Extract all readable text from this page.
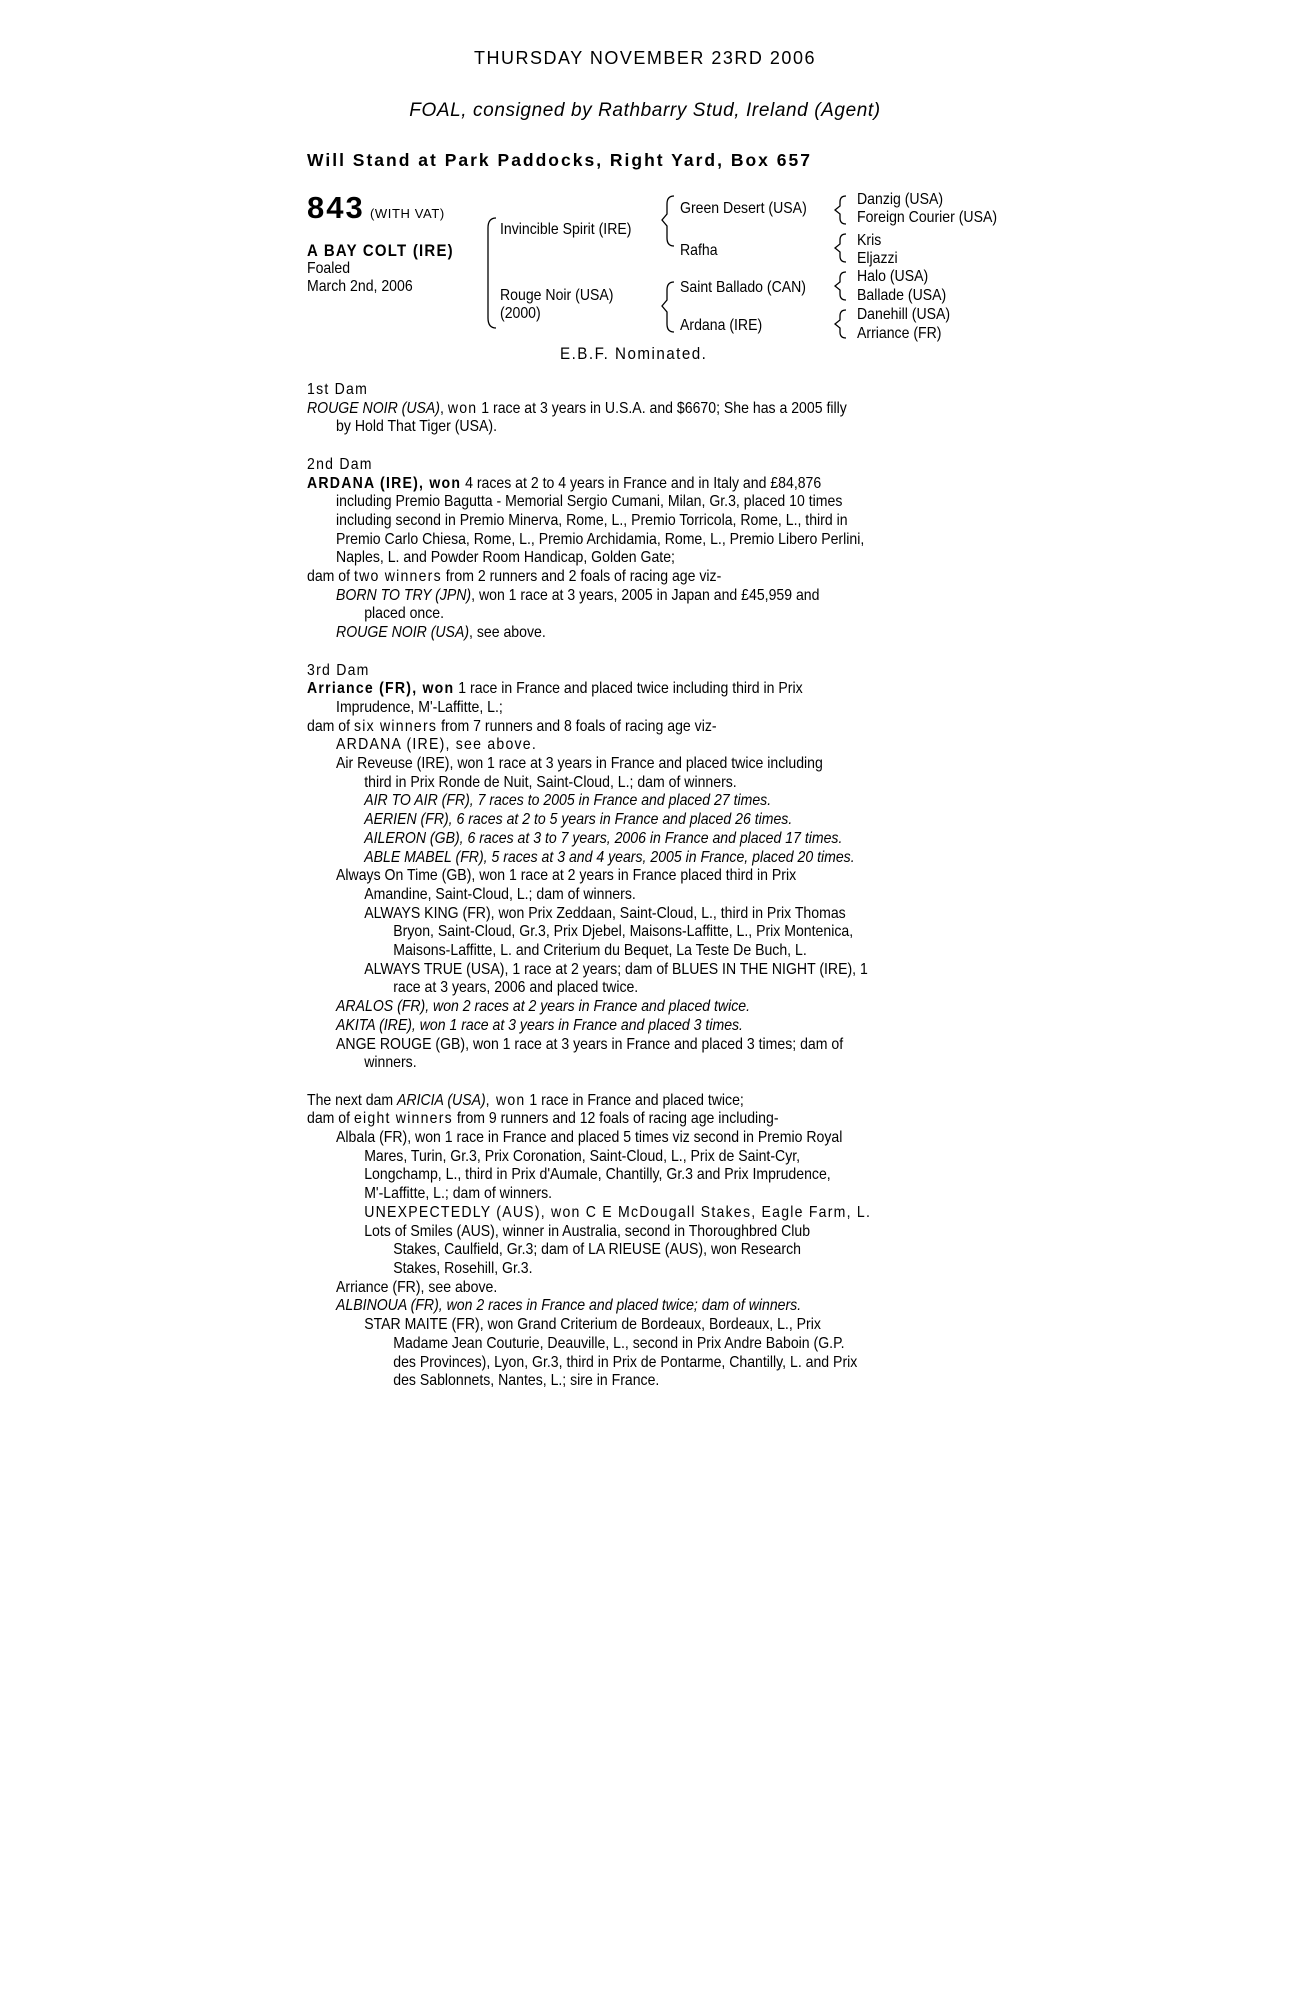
THURSDAY NOVEMBER 23RD 2006
FOAL, consigned by Rathbarry Stud, Ireland (Agent)
Will Stand at Park Paddocks, Right Yard, Box 657
843 (WITH VAT)
A BAY COLT (IRE)
Foaled
March 2nd, 2006
Invincible Spirit (IRE)
Rouge Noir (USA)
(2000)
Green Desert (USA)
Rafha
Saint Ballado (CAN)
Ardana (IRE)
Danzig (USA)
Foreign Courier (USA)
Kris
Eljazzi
Halo (USA)
Ballade (USA)
Danehill (USA)
Arriance (FR)
E.B.F. Nominated.

1st Dam

ROUGE NOIR (USA), won 1 race at 3 years in U.S.A. and $6670; She has a 2005 filly

by Hold That Tiger (USA).

2nd Dam

ARDANA (IRE), won 4 races at 2 to 4 years in France and in Italy and £84,876

including Premio Bagutta - Memorial Sergio Cumani, Milan, Gr.3, placed 10 times

including second in Premio Minerva, Rome, L., Premio Torricola, Rome, L., third in

Premio Carlo Chiesa, Rome, L., Premio Archidamia, Rome, L., Premio Libero Perlini,

Naples, L. and Powder Room Handicap, Golden Gate;

dam of two winners from 2 runners and 2 foals of racing age viz-

BORN TO TRY (JPN), won 1 race at 3 years, 2005 in Japan and £45,959 and

placed once.

ROUGE NOIR (USA), see above.

3rd Dam

Arriance (FR), won 1 race in France and placed twice including third in Prix

Imprudence, M'-Laffitte, L.;

dam of six winners from 7 runners and 8 foals of racing age viz-

ARDANA (IRE), see above.

Air Reveuse (IRE), won 1 race at 3 years in France and placed twice including

third in Prix Ronde de Nuit, Saint-Cloud, L.; dam of winners.

AIR TO AIR (FR), 7 races to 2005 in France and placed 27 times.

AERIEN (FR), 6 races at 2 to 5 years in France and placed 26 times.

AILERON (GB), 6 races at 3 to 7 years, 2006 in France and placed 17 times.

ABLE MABEL (FR), 5 races at 3 and 4 years, 2005 in France, placed 20 times.

Always On Time (GB), won 1 race at 2 years in France placed third in Prix

Amandine, Saint-Cloud, L.; dam of winners.

ALWAYS KING (FR), won Prix Zeddaan, Saint-Cloud, L., third in Prix Thomas

Bryon, Saint-Cloud, Gr.3, Prix Djebel, Maisons-Laffitte, L., Prix Montenica,

Maisons-Laffitte, L. and Criterium du Bequet, La Teste De Buch, L.

ALWAYS TRUE (USA), 1 race at 2 years; dam of BLUES IN THE NIGHT (IRE), 1

race at 3 years, 2006 and placed twice.

ARALOS (FR), won 2 races at 2 years in France and placed twice.

AKITA (IRE), won 1 race at 3 years in France and placed 3 times.

ANGE ROUGE (GB), won 1 race at 3 years in France and placed 3 times; dam of

winners.

The next dam ARICIA (USA), won 1 race in France and placed twice;

dam of eight winners from 9 runners and 12 foals of racing age including-

Albala (FR), won 1 race in France and placed 5 times viz second in Premio Royal

Mares, Turin, Gr.3, Prix Coronation, Saint-Cloud, L., Prix de Saint-Cyr,

Longchamp, L., third in Prix d'Aumale, Chantilly, Gr.3 and Prix Imprudence,

M'-Laffitte, L.; dam of winners.

UNEXPECTEDLY (AUS), won C E McDougall Stakes, Eagle Farm, L.

Lots of Smiles (AUS), winner in Australia, second in Thoroughbred Club

Stakes, Caulfield, Gr.3; dam of LA RIEUSE (AUS), won Research

Stakes, Rosehill, Gr.3.

Arriance (FR), see above.

ALBINOUA (FR), won 2 races in France and placed twice; dam of winners.

STAR MAITE (FR), won Grand Criterium de Bordeaux, Bordeaux, L., Prix

Madame Jean Couturie, Deauville, L., second in Prix Andre Baboin (G.P.

des Provinces), Lyon, Gr.3, third in Prix de Pontarme, Chantilly, L. and Prix

des Sablonnets, Nantes, L.; sire in France.
